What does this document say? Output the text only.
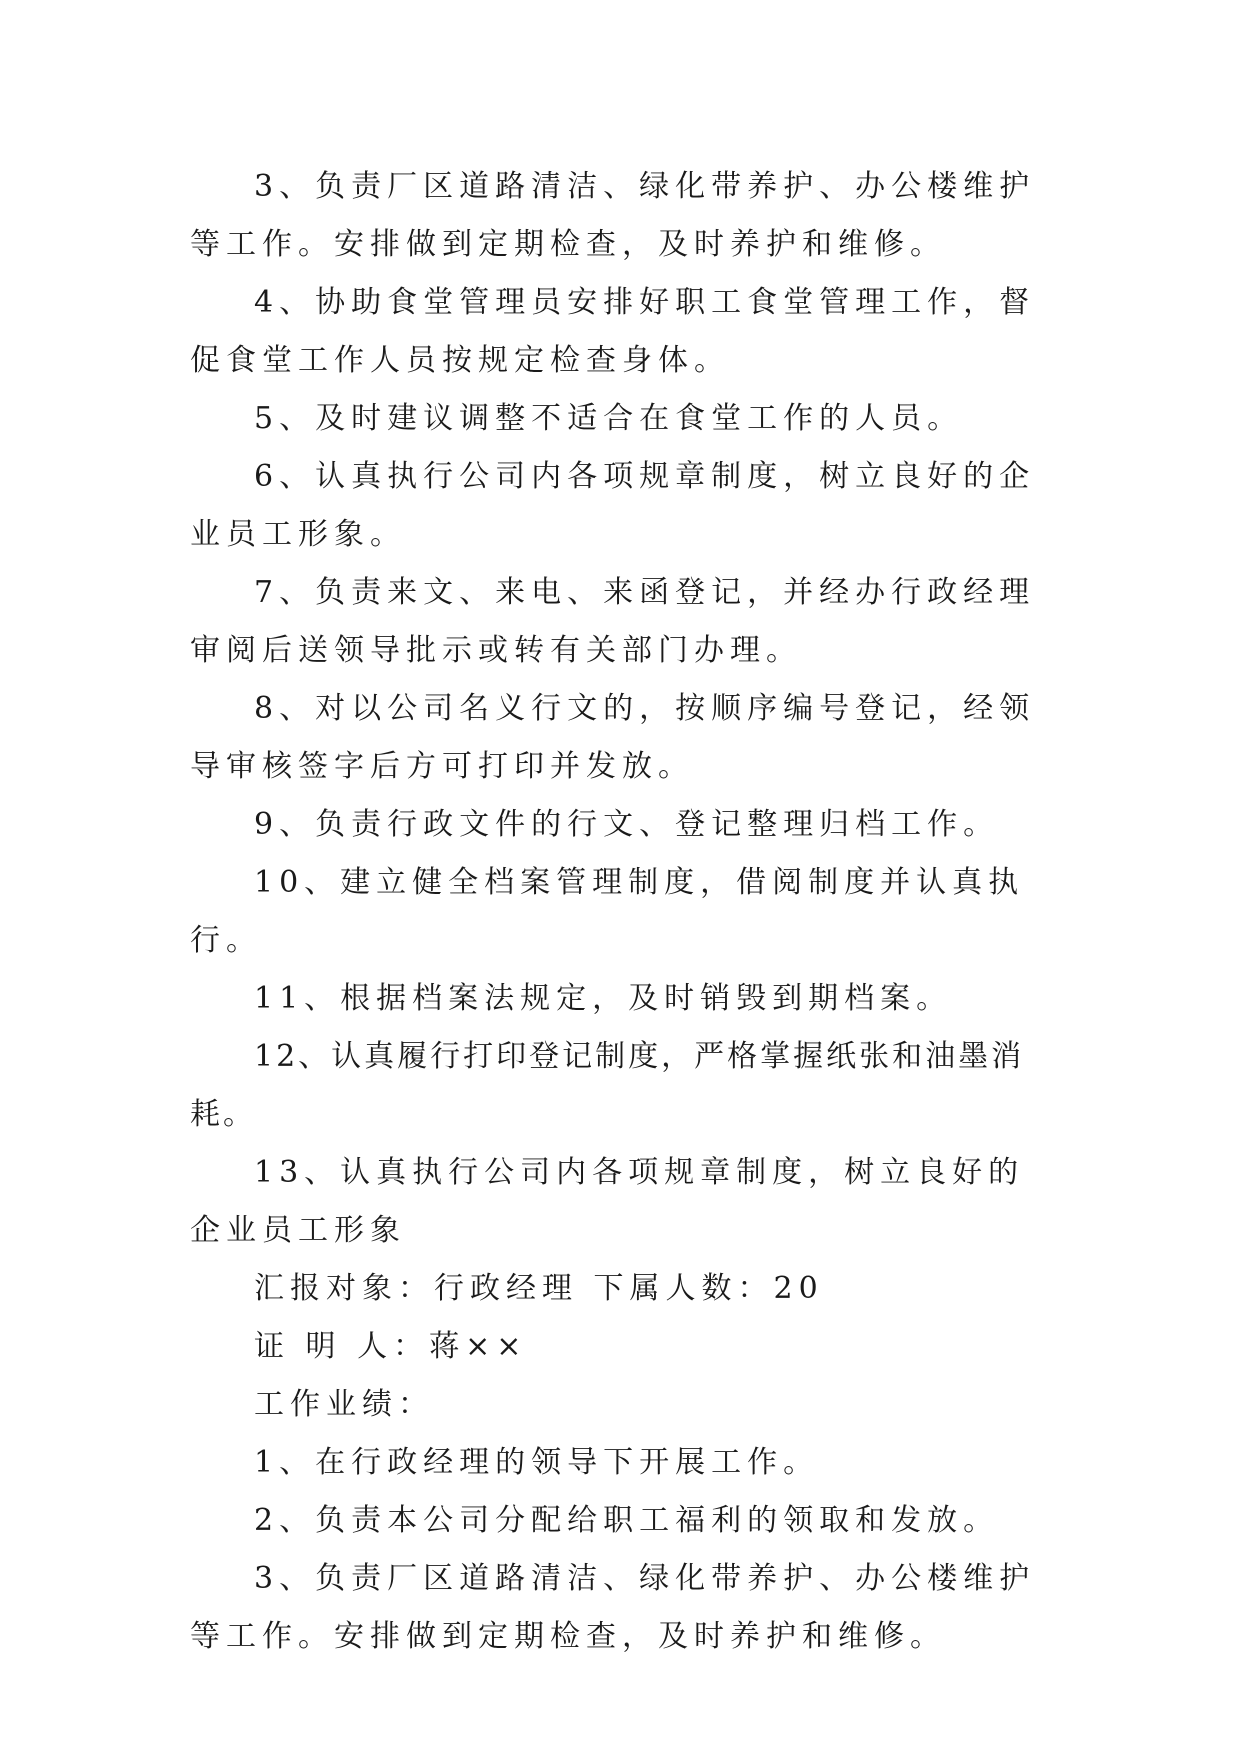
3、负责厂区道路清洁、绿化带养护、办公楼维护等工作。安排做到定期检查，及时养护和维修。

4、协助食堂管理员安排好职工食堂管理工作，督促食堂工作人员按规定检查身体。

5、及时建议调整不适合在食堂工作的人员。

6、认真执行公司内各项规章制度，树立良好的企业员工形象。

7、负责来文、来电、来函登记，并经办行政经理审阅后送领导批示或转有关部门办理。

8、对以公司名义行文的，按顺序编号登记，经领导审核签字后方可打印并发放。

9、负责行政文件的行文、登记整理归档工作。

10、建立健全档案管理制度，借阅制度并认真执行。

11、根据档案法规定，及时销毁到期档案。

12、认真履行打印登记制度，严格掌握纸张和油墨消耗。

13、认真执行公司内各项规章制度，树立良好的企业员工形象

汇报对象：行政经理 下属人数：20

证 明 人：蒋××

工作业绩：

1、在行政经理的领导下开展工作。

2、负责本公司分配给职工福利的领取和发放。

3、负责厂区道路清洁、绿化带养护、办公楼维护等工作。安排做到定期检查，及时养护和维修。
